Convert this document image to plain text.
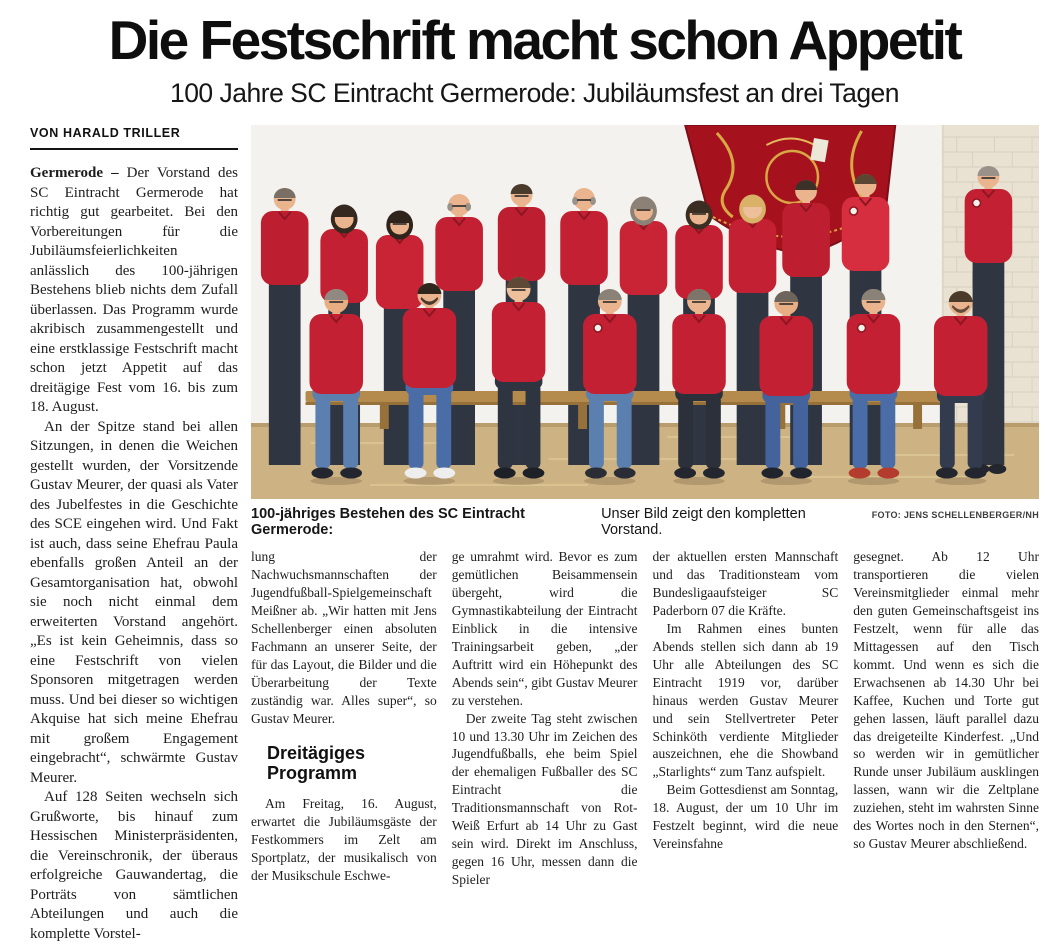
Die Festschrift macht schon Appetit
100 Jahre SC Eintracht Germerode: Jubiläumsfest an drei Tagen
VON HARALD TRILLER

Germerode – Der Vorstand des SC Eintracht Germerode hat richtig gut gearbeitet. Bei den Vorbereitungen für die Jubiläumsfeierlichkeiten anlässlich des 100-jährigen Bestehens blieb nichts dem Zufall überlassen. Das Programm wurde akribisch zusammengestellt und eine erstklassige Festschrift macht schon jetzt Appetit auf das dreitägige Fest vom 16. bis zum 18. August.

An der Spitze stand bei allen Sitzungen, in denen die Weichen gestellt wurden, der Vorsitzende Gustav Meurer, der quasi als Vater des Jubelfestes in die Geschichte des SCE eingehen wird. Und Fakt ist auch, dass seine Ehefrau Paula ebenfalls großen Anteil an der Gesamtorganisation hat, obwohl sie noch nicht einmal dem erweiterten Vorstand angehört. „Es ist kein Geheimnis, dass so eine Festschrift von vielen Sponsoren mitgetragen werden muss. Und bei dieser so wichtigen Akquise hat sich meine Ehefrau mit großem Engagement eingebracht“, schwärmte Gustav Meurer.

Auf 128 Seiten wechseln sich Grußworte, bis hinauf zum Hessischen Ministerpräsidenten, die Vereinschronik, der überaus erfolgreiche Gauwandertag, die Porträts von sämtlichen Abteilungen und auch die komplette Vorstel-

100-jähriges Bestehen des SC Eintracht Germerode:
Unser Bild zeigt den kompletten Vorstand.
FOTO: JENS SCHELLENBERGER/NH

lung der Nachwuchsmannschaften der Jugendfußball-Spielgemeinschaft Meißner ab. „Wir hatten mit Jens Schellenberger einen absoluten Fachmann an unserer Seite, der für das Layout, die Bilder und die Überarbeitung der Texte zuständig war. Alles super“, so Gustav Meurer.

Dreitägiges Programm

Am Freitag, 16. August, erwartet die Jubiläumsgäste der Festkommers im Zelt am Sportplatz, der musikalisch von der Musikschule Eschwe-

ge umrahmt wird. Bevor es zum gemütlichen Beisammensein übergeht, wird die Gymnastikabteilung der Eintracht Einblick in die intensive Trainingsarbeit geben, „der Auftritt wird ein Höhepunkt des Abends sein“, gibt Gustav Meurer zu verstehen.

Der zweite Tag steht zwischen 10 und 13.30 Uhr im Zeichen des Jugendfußballs, ehe beim Spiel der ehemaligen Fußballer des SC Eintracht die Traditionsmannschaft von Rot-Weiß Erfurt ab 14 Uhr zu Gast sein wird. Direkt im Anschluss, gegen 16 Uhr, messen dann die Spieler

der aktuellen ersten Mannschaft und das Traditionsteam vom Bundesligaaufsteiger SC Paderborn 07 die Kräfte.

Im Rahmen eines bunten Abends stellen sich dann ab 19 Uhr alle Abteilungen des SC Eintracht 1919 vor, darüber hinaus werden Gustav Meurer und sein Stellvertreter Peter Schinköth verdiente Mitglieder auszeichnen, ehe die Showband „Starlights“ zum Tanz aufspielt.

Beim Gottesdienst am Sonntag, 18. August, der um 10 Uhr im Festzelt beginnt, wird die neue Vereinsfahne

gesegnet. Ab 12 Uhr transportieren die vielen Vereinsmitglieder einmal mehr den guten Gemeinschaftsgeist ins Festzelt, wenn für alle das Mittagessen auf den Tisch kommt. Und wenn es sich die Erwachsenen ab 14.30 Uhr bei Kaffee, Kuchen und Torte gut gehen lassen, läuft parallel dazu das dreigeteilte Kinderfest. „Und so werden wir in gemütlicher Runde unser Jubiläum ausklingen lassen, wann wir die Zeltplane zuziehen, steht im wahrsten Sinne des Wortes noch in den Sternen“, so Gustav Meurer abschließend.
